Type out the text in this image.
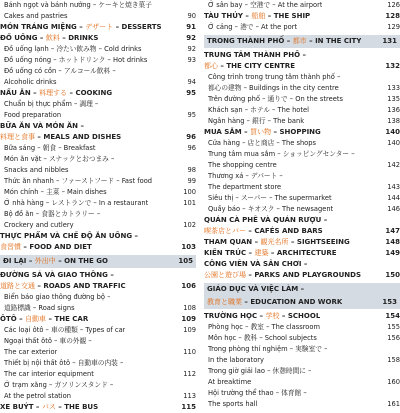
Bánh ngọt và bánh nướng – ケーキと焼き菓子
Cakes and pastries	90
MÓN TRÁNG MIỆNG – デザート – DESSERTS	91
ĐỒ UỐNG – 飲料 – DRINKS	92
Đồ uống lạnh – 冷たい飲み物 – Cold drinks	92
Đồ uống nóng – ホットドリンク – Hot drinks	93
Đồ uống có cồn – アルコール飲料 –
Alcoholic drinks	94
NẤU ĂN – 料理する – COOKING	95
Chuẩn bị thực phẩm – 調理 –
Food preparation	95
BỮA ĂN VÀ MÓN ĂN –
料理と食事 – MEALS AND DISHES	96
Bữa sáng – 朝食 – Breakfast	96
Món ăn vặt – スナックとおつまみ –
Snacks and nibbles	98
Thức ăn nhanh – ファーストフード – Fast food	99
Món chính – 主菜 – Main dishes	100
Ở nhà hàng – レストランで – In a restaurant	101
Bộ đồ ăn – 食器とカトラリー –
Crockery and cutlery	102
THỰC PHẨM VÀ CHẾ ĐỘ ĂN UỐNG –
食習慣 – FOOD AND DIET	103
ĐI LẠI – 外出中 – ON THE GO	105
ĐƯỜNG SÁ VÀ GIAO THÔNG –
道路と交通 – ROADS AND TRAFFIC	106
Biển báo giao thông đường bộ –
道路標識 – Road signs	108
ÔTÔ – 自動車 – THE CAR	109
Các loại ôtô – 車の種類 – Types of car	109
Ngoại thất ôtô – 車の外観 –
The car exterior	110
Thiết bị nội thất ôtô – 自動車の内装 –
The car interior equipment	112
Ở trạm xăng – ガソリンスタンド –
At the petrol station	113
XE BUÝT – バス – THE BUS	115
Ở sân bay – 空港で – At the airport	126
TÀU THỦY – 船舶 – THE SHIP	128
Ở cảng – 港で – At the port	129
TRONG THÀNH PHỐ – 都市 – IN THE CITY	131
TRUNG TÂM THÀNH PHỐ –
都心 – THE CITY CENTRE	132
Công trình trong trung tâm thành phố –
都心の建物 – Buildings in the city centre	133
Trên đường phố – 通りで – On the streets	135
Khách sạn – ホテル – The hotel	136
Ngân hàng – 銀行 – The bank	138
MUA SẮM – 買い物 – SHOPPING	140
Cửa hàng – 店と商店 – The shops	140
Trung tâm mua sắm – ショッピングセンター –
The shopping centre	142
Thương xá – デパート –
The department store	143
Siêu thị – スーパー – The supermarket	144
Quầy báo – キオスク – The newsagent	146
QUÁN CÀ PHÊ VÀ QUÁN RƯỢU –
喫茶店とバー – CAFÉS AND BARS	147
THAM QUAN – 観光名所 – SIGHTSEEING	148
KIẾN TRÚC – 建築 – ARCHITECTURE	149
CÔNG VIÊN VÀ SÂN CHƠI –
公園と遊び場 – PARKS AND PLAYGROUNDS	150
GIÁO DỤC VÀ VIỆC LÀM –
教育と職業 – EDUCATION AND WORK	153
TRƯỜNG HỌC – 学校 – SCHOOL	154
Phòng học – 教室 – The classroom	155
Môn học – 教科 – School subjects	156
Trong phòng thí nghiệm – 実験室で –
In the laboratory	158
Trong giờ giải lao – 休憩時間に –
At breaktime	160
Hội trường thể thao – 体育館 –
The sports hall	161
